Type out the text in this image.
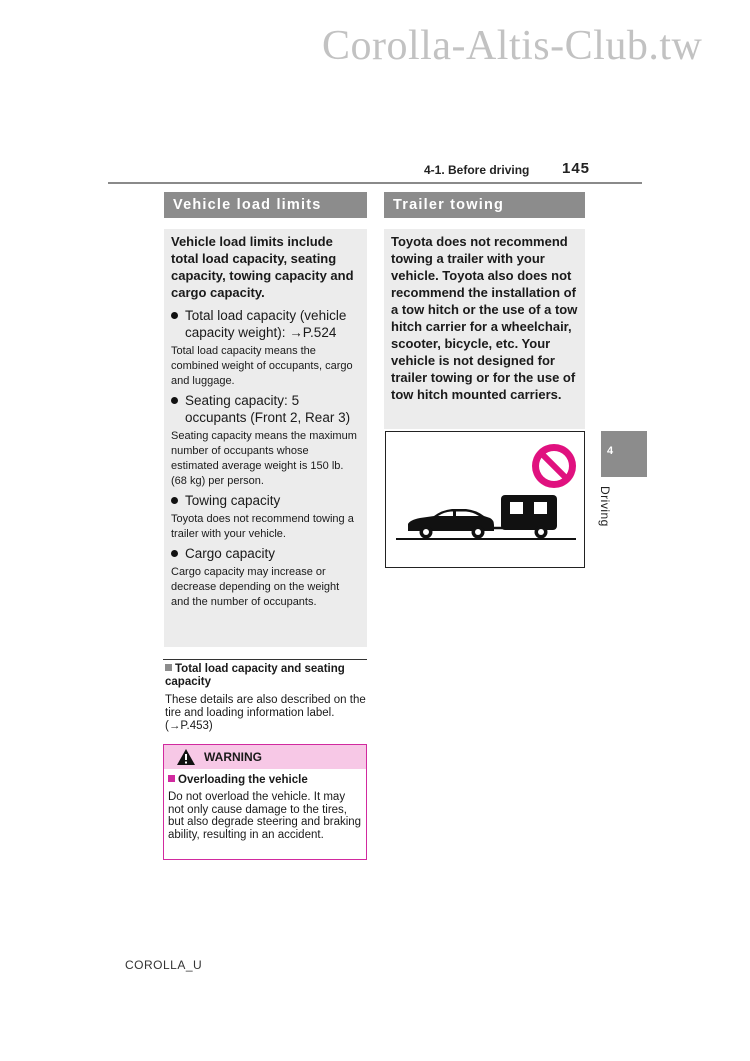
Corolla-Altis-Club.tw
4-1. Before driving 145
Vehicle load limits
Vehicle load limits include total load capacity, seating capacity, towing capacity and cargo capacity.
Total load capacity (vehicle capacity weight): →P.524
Total load capacity means the combined weight of occupants, cargo and luggage.
Seating capacity: 5 occupants (Front 2, Rear 3)
Seating capacity means the maximum number of occupants whose estimated average weight is 150 lb. (68 kg) per person.
Towing capacity
Toyota does not recommend towing a trailer with your vehicle.
Cargo capacity
Cargo capacity may increase or decrease depending on the weight and the number of occupants.
Total load capacity and seating capacity
These details are also described on the tire and loading information label. (→P.453)
WARNING
Overloading the vehicle
Do not overload the vehicle. It may not only cause damage to the tires, but also degrade steering and braking ability, resulting in an accident.
Trailer towing
Toyota does not recommend towing a trailer with your vehicle. Toyota also does not recommend the installation of a tow hitch or the use of a tow hitch carrier for a wheelchair, scooter, bicycle, etc. Your vehicle is not designed for trailer towing or for the use of tow hitch mounted carriers.
4
Driving
COROLLA_U
